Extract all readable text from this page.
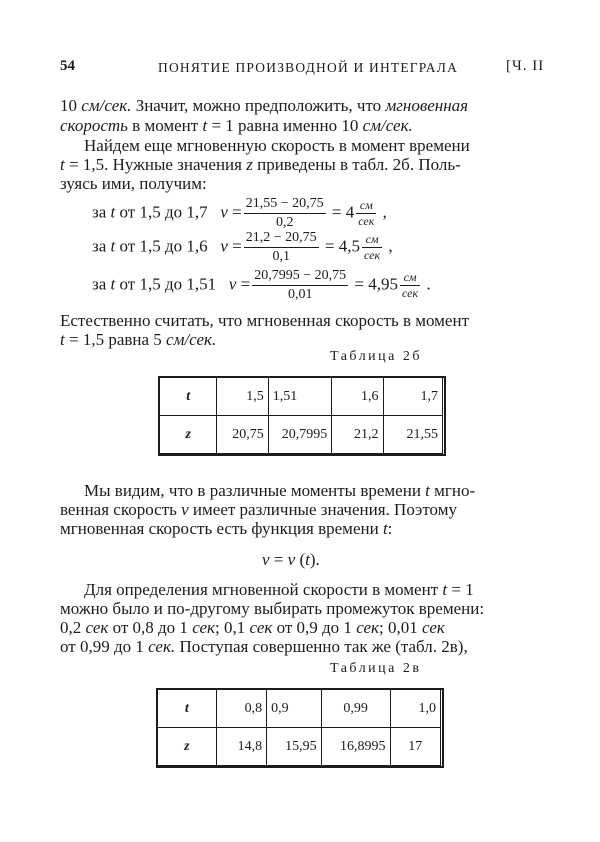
54	ПОНЯТИЕ ПРОИЗВОДНОЙ И ИНТЕГРАЛА	[Ч. II
10 см/сек. Значит, можно предположить, что мгновенная
скорость в момент t = 1 равна именно 10 см/сек.
Найдем еще мгновенную скорость в момент времени
t = 1,5. Нужные значения z приведены в табл. 2б. Поль-
зуясь ими, получим:
за t от 1,5 до 1,7 $v = \frac{21,55 - 20,75}{0,2} = 4 \frac{см}{\text{сек}}$ ,
за t от 1,5 до 1,6 $v = \frac{21,2 - 20,75}{0,1} = 4,5 \frac{см}{\text{сек}}$ ,
за t от 1,5 до 1,51 $v = \frac{20,7995 - 20,75}{0,01} = 4,95 \frac{см}{\text{сек}}$ .
Естественно считать, что мгновенная скорость в момент
t = 1,5 равна 5 см/сек.
Таблица 2б
t	1,5	1,51	1,6	1,7
z	20,75	20,7995	21,2	21,55
Мы видим, что в различные моменты времени t мгно-
венная скорость v имеет различные значения. Поэтому
мгновенная скорость есть функция времени t:
v = v (t).
Для определения мгновенной скорости в момент t = 1
можно было и по-другому выбирать промежуток времени:
0,2 сек от 0,8 до 1 сек; 0,1 сек от 0,9 до 1 сек; 0,01 сек
от 0,99 до 1 сек. Поступая совершенно так же (табл. 2в),
Таблица 2в
t	0,8	0,9	0,99	1,0
z	14,8	15,95	16,8995	17
